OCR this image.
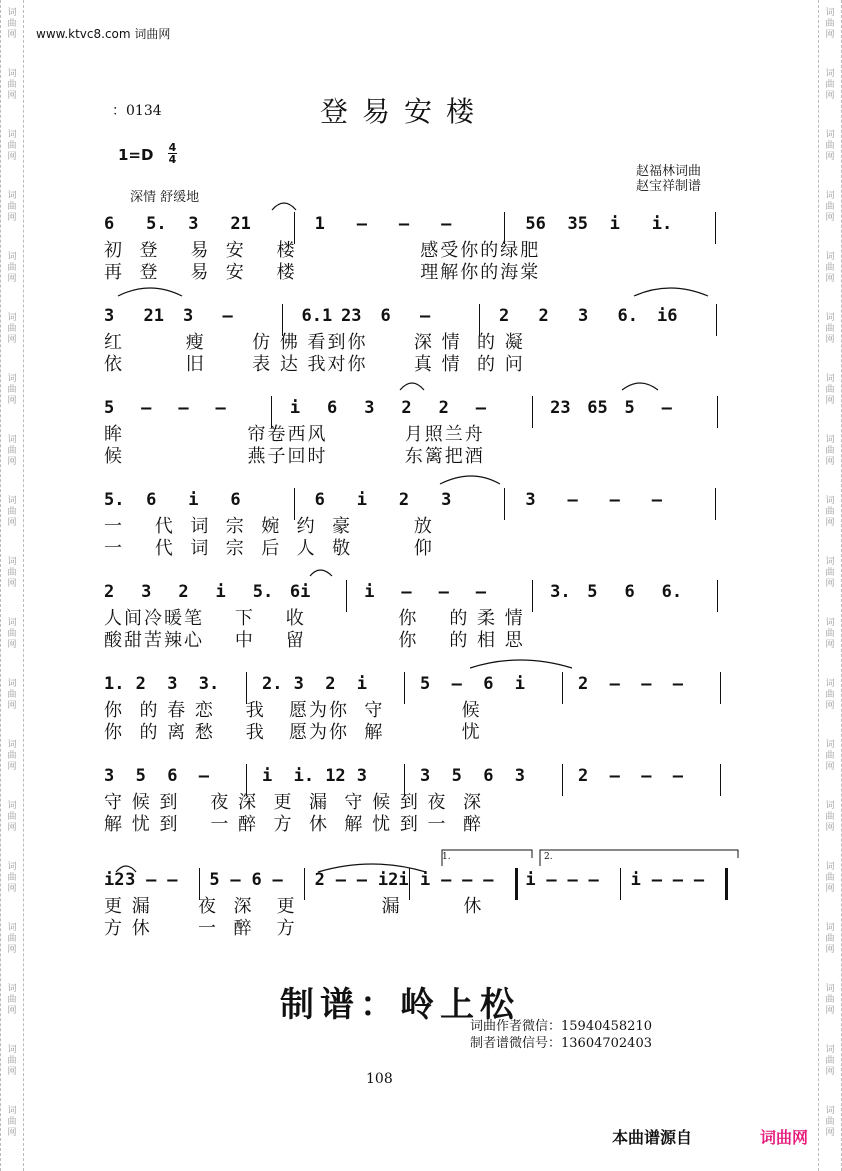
词
曲
网
词
曲
网
词
曲
网
词
曲
网
词
曲
网
词
曲
网
词
曲
网
词
曲
网
词
曲
网
词
曲
网
词
曲
网
词
曲
网
词
曲
网
词
曲
网
词
曲
网
词
曲
网
词
曲
网
词
曲
网
词
曲
网
词
曲
网
词
曲
网
词
曲
网
词
曲
网
词
曲
网
词
曲
网
词
曲
网
词
曲
网
词
曲
网
词
曲
网
词
曲
网
词
曲
网
词
曲
网
词
曲
网
词
曲
网
词
曲
网
词
曲
网
词
曲
网
词
曲
网
www.ktvc8.com 词曲网
：0134	登易安楼
1=D 4
4
赵福林词曲
赵宝祥制谱
深情 舒缓地
6 5. 3 21	1 – – –	56 35 i i.
初  登    易  安    楼                感受你的绿肥
再  登    易  安    楼                理解你的海棠
3 21 3 –	6.1 23 6 –	2 2 3 6. i6
红        瘦      仿 佛 看到你      深 情  的 凝
依        旧      表 达 我对你      真 情  的 问
5 – – –	i 6 3 2 2 –	23 65 5 –
眸                帘卷西风          月照兰舟
候                燕子回时          东篱把酒
5. 6 i 6	6 i 2 3	3 – – –
一    代  词  宗  婉  约  豪        放
一    代  词  宗  后  人  敬        仰
2 3 2 i 5. 6i	i – – –	3. 5 6 6.
人间冷暖笔    下    收            你    的 柔 情
酸甜苦辣心    中    留            你    的 相 思
1. 2 3 3.	2. 3 2 i	5 – 6 i	2 – – –
你  的 春 恋    我   愿为你  守          候
你  的 离 愁    我   愿为你  解          忧
3 5 6 –	i i. 12 3	3 5 6 3	2 – – –
守 候 到    夜 深  更  漏  守 候 到 夜  深
解 忧 到    一 醉  方  休  解 忧 到 一  醉
i2 3 – – 5 – 6 – 2 – – i2i i – – – i – – – i – – –
更 漏      夜  深   更           漏        休
方 休      一  醉   方
1.	2.
制谱：岭上松
词曲作者微信：15940458210
制者谱微信号：13604702403
108
本曲谱源自	词曲网
